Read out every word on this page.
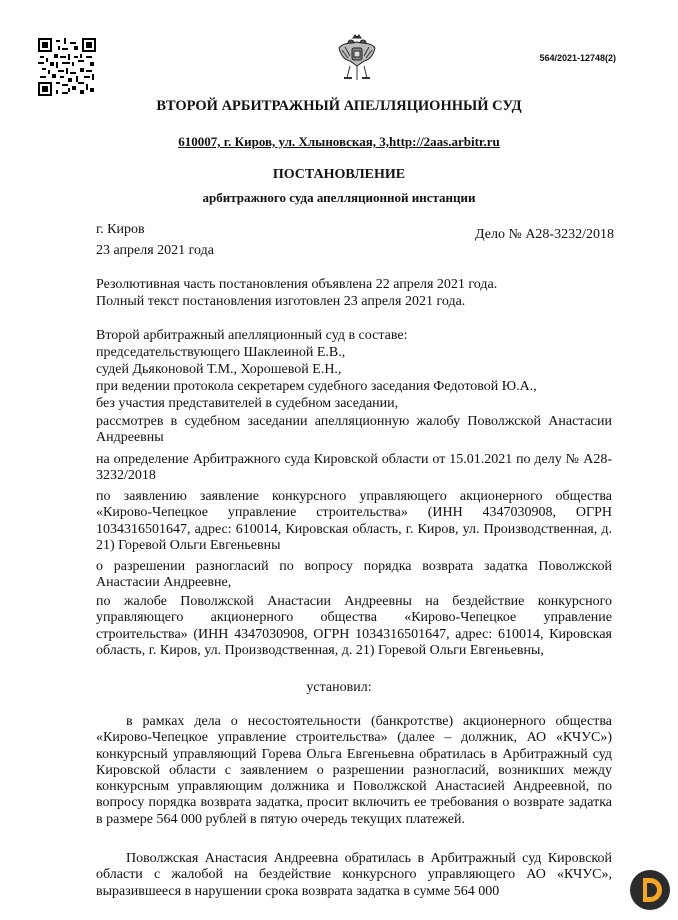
564/2021-12748(2)
ВТОРОЙ АРБИТРАЖНЫЙ АПЕЛЛЯЦИОННЫЙ СУД
610007, г. Киров, ул. Хлыновская, 3,http://2aas.arbitr.ru
ПОСТАНОВЛЕНИЕ
арбитражного суда апелляционной инстанции
г. Киров
23 апреля 2021 года
Дело № А28-3232/2018
Резолютивная часть постановления объявлена 22 апреля 2021 года.
Полный текст постановления изготовлен 23 апреля 2021 года.
Второй арбитражный апелляционный суд в составе:
председательствующего Шаклеиной Е.В.,
судей Дьяконовой Т.М., Хорошевой Е.Н.,
при ведении протокола секретарем судебного заседания Федотовой Ю.А.,
без участия представителей в судебном заседании,
рассмотрев в судебном заседании апелляционную жалобу Поволжской Анастасии Андреевны
на определение Арбитражного суда Кировской области от 15.01.2021 по делу № А28-3232/2018
по заявлению заявление конкурсного управляющего акционерного общества «Кирово-Чепецкое управление строительства» (ИНН 4347030908, ОГРН 1034316501647, адрес: 610014, Кировская область, г. Киров, ул. Производственная, д. 21) Горевой Ольги Евгеньевны
о разрешении разногласий по вопросу порядка возврата задатка Поволжской Анастасии Андреевне,
по жалобе Поволжской Анастасии Андреевны на бездействие конкурсного управляющего акционерного общества «Кирово-Чепецкое управление строительства» (ИНН 4347030908, ОГРН 1034316501647, адрес: 610014, Кировская область, г. Киров, ул. Производственная, д. 21) Горевой Ольги Евгеньевны,
установил:
в рамках дела о несостоятельности (банкротстве) акционерного общества «Кирово-Чепецкое управление строительства» (далее – должник, АО «КЧУС») конкурсный управляющий Горева Ольга Евгеньевна обратилась в Арбитражный суд Кировской области с заявлением о разрешении разногласий, возникших между конкурсным управляющим должника и Поволжской Анастасией Андреевной, по вопросу порядка возврата задатка, просит включить ее требования о возврате задатка в размере 564 000 рублей в пятую очередь текущих платежей.
Поволжская Анастасия Андреевна обратилась в Арбитражный суд Кировской области с жалобой на бездействие конкурсного управляющего АО «КЧУС», выразившееся в нарушении срока возврата задатка в сумме 564 000
